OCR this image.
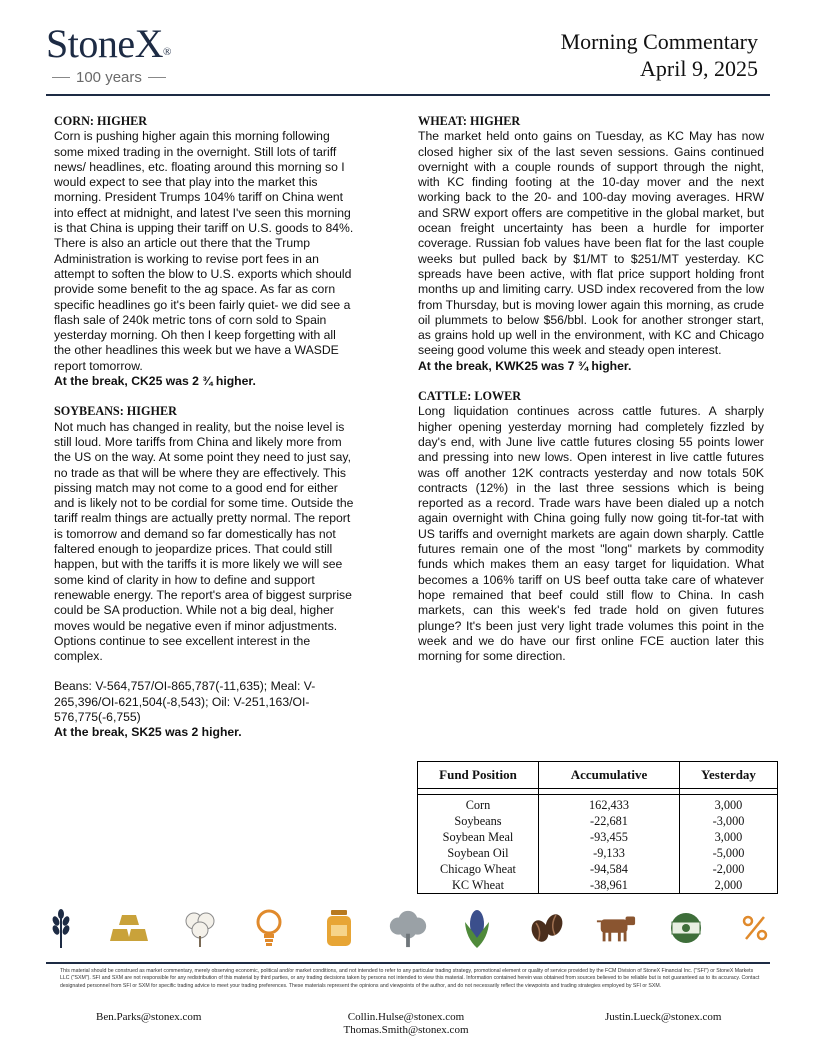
StoneX®
100 years
Morning Commentary
April 9, 2025
CORN: HIGHER

Corn is pushing higher again this morning following some mixed trading in the overnight. Still lots of tariff news/ headlines, etc. floating around this morning so I would expect to see that play into the market this morning. President Trumps 104% tariff on China went into effect at midnight, and latest I've seen this morning is that China is upping their tariff on U.S. goods to 84%. There is also an article out there that the Trump Administration is working to revise port fees in an attempt to soften the blow to U.S. exports which should provide some benefit to the ag space. As far as corn specific headlines go it's been fairly quiet- we did see a flash sale of 240k metric tons of corn sold to Spain yesterday morning. Oh then I keep forgetting with all the other headlines this week but we have a WASDE report tomorrow.

At the break, CK25 was 2 ¾ higher.

SOYBEANS: HIGHER

Not much has changed in reality, but the noise level is still loud. More tariffs from China and likely more from the US on the way. At some point they need to just say, no trade as that will be where they are effectively. This pissing match may not come to a good end for either and is likely not to be cordial for some time. Outside the tariff realm things are actually pretty normal. The report is tomorrow and demand so far domestically has not faltered enough to jeopardize prices. That could still happen, but with the tariffs it is more likely we will see some kind of clarity in how to define and support renewable energy. The report's area of biggest surprise could be SA production. While not a big deal, higher moves would be negative even if minor adjustments. Options continue to see excellent interest in the complex.

Beans: V-564,757/OI-865,787(-11,635); Meal: V-265,396/OI-621,504(-8,543); Oil: V-251,163/OI-576,775(-6,755)

At the break, SK25 was 2 higher.

WHEAT: HIGHER

The market held onto gains on Tuesday, as KC May has now closed higher six of the last seven sessions. Gains continued overnight with a couple rounds of support through the night, with KC finding footing at the 10-day mover and the next working back to the 20- and 100-day moving averages. HRW and SRW export offers are competitive in the global market, but ocean freight uncertainty has been a hurdle for importer coverage. Russian fob values have been flat for the last couple weeks but pulled back by $1/MT to $251/MT yesterday. KC spreads have been active, with flat price support holding front months up and limiting carry. USD index recovered from the low from Thursday, but is moving lower again this morning, as crude oil plummets to below $56/bbl. Look for another stronger start, as grains hold up well in the environment, with KC and Chicago seeing good volume this week and steady open interest.

At the break, KWK25 was 7 ¾ higher.

CATTLE: LOWER

Long liquidation continues across cattle futures. A sharply higher opening yesterday morning had completely fizzled by day's end, with June live cattle futures closing 55 points lower and pressing into new lows. Open interest in live cattle futures was off another 12K contracts yesterday and now totals 50K contracts (12%) in the last three sessions which is being reported as a record. Trade wars have been dialed up a notch again overnight with China going fully now going tit-for-tat with US tariffs and overnight markets are again down sharply. Cattle futures remain one of the most "long" markets by commodity funds which makes them an easy target for liquidation. What becomes a 106% tariff on US beef outta take care of whatever hope remained that beef could still flow to China. In cash markets, can this week's fed trade hold on given futures plunge? It's been just very light trade volumes this point in the week and we do have our first online FCE auction later this morning for some direction.

Fund Position	Accumulative	Yesterday

Corn	162,433	3,000
Soybeans	-22,681	-3,000
Soybean Meal	-93,455	3,000
Soybean Oil	-9,133	-5,000
Chicago Wheat	-94,584	-2,000
KC Wheat	-38,961	2,000
This material should be construed as market commentary, merely observing economic, political and/or market conditions, and not intended to refer to any particular trading strategy, promotional element or quality of service provided by the FCM Division of StoneX Financial Inc. ("SFI") or StoneX Markets LLC ("SXM"). SFI and SXM are not responsible for any redistribution of this material by third parties, or any trading decisions taken by persons not intended to view this material. Information contained herein was obtained from sources believed to be reliable but is not guaranteed as to its accuracy. Contact designated personnel from SFI or SXM for specific trading advice to meet your trading preferences. These materials represent the opinions and viewpoints of the author, and do not necessarily reflect the viewpoints and trading strategies employed by SFI or SXM.
Ben.Parks@stonex.com	Collin.Hulse@stonex.com
Thomas.Smith@stonex.com
Justin.Lueck@stonex.com
